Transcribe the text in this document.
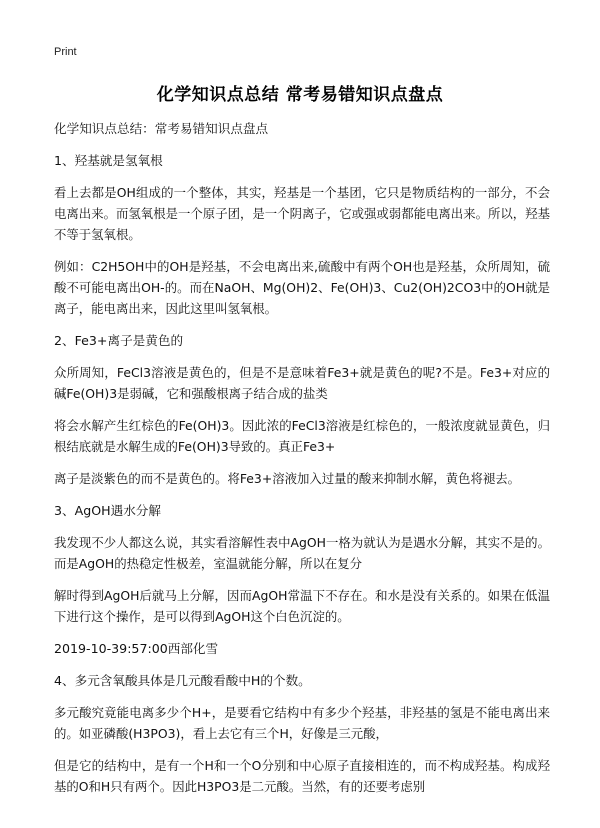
Print
化学知识点总结 常考易错知识点盘点
化学知识点总结：常考易错知识点盘点
1、羟基就是氢氧根
看上去都是OH组成的一个整体，其实，羟基是一个基团，它只是物质结构的一部分，不会电离出来。而氢氧根是一个原子团，是一个阴离子，它或强或弱都能电离出来。所以，羟基不等于氢氧根。
例如：C2H5OH中的OH是羟基，不会电离出来,硫酸中有两个OH也是羟基，众所周知，硫酸不可能电离出OH-的。而在NaOH、Mg(OH)2、Fe(OH)3、Cu2(OH)2CO3中的OH就是离子，能电离出来，因此这里叫氢氧根。
2、Fe3+离子是黄色的
众所周知，FeCl3溶液是黄色的，但是不是意味着Fe3+就是黄色的呢?不是。Fe3+对应的碱Fe(OH)3是弱碱，它和强酸根离子结合成的盐类
将会水解产生红棕色的Fe(OH)3。因此浓的FeCl3溶液是红棕色的，一般浓度就显黄色，归根结底就是水解生成的Fe(OH)3导致的。真正Fe3+
离子是淡紫色的而不是黄色的。将Fe3+溶液加入过量的酸来抑制水解，黄色将褪去。
3、AgOH遇水分解
我发现不少人都这么说，其实看溶解性表中AgOH一格为就认为是遇水分解，其实不是的。而是AgOH的热稳定性极差，室温就能分解，所以在复分
解时得到AgOH后就马上分解，因而AgOH常温下不存在。和水是没有关系的。如果在低温下进行这个操作，是可以得到AgOH这个白色沉淀的。
2019-10-39:57:00西部化雪
4、多元含氧酸具体是几元酸看酸中H的个数。
多元酸究竟能电离多少个H+，是要看它结构中有多少个羟基，非羟基的氢是不能电离出来的。如亚磷酸(H3PO3)，看上去它有三个H，好像是三元酸，
但是它的结构中，是有一个H和一个O分别和中心原子直接相连的，而不构成羟基。构成羟基的O和H只有两个。因此H3PO3是二元酸。当然，有的还要考虑别
